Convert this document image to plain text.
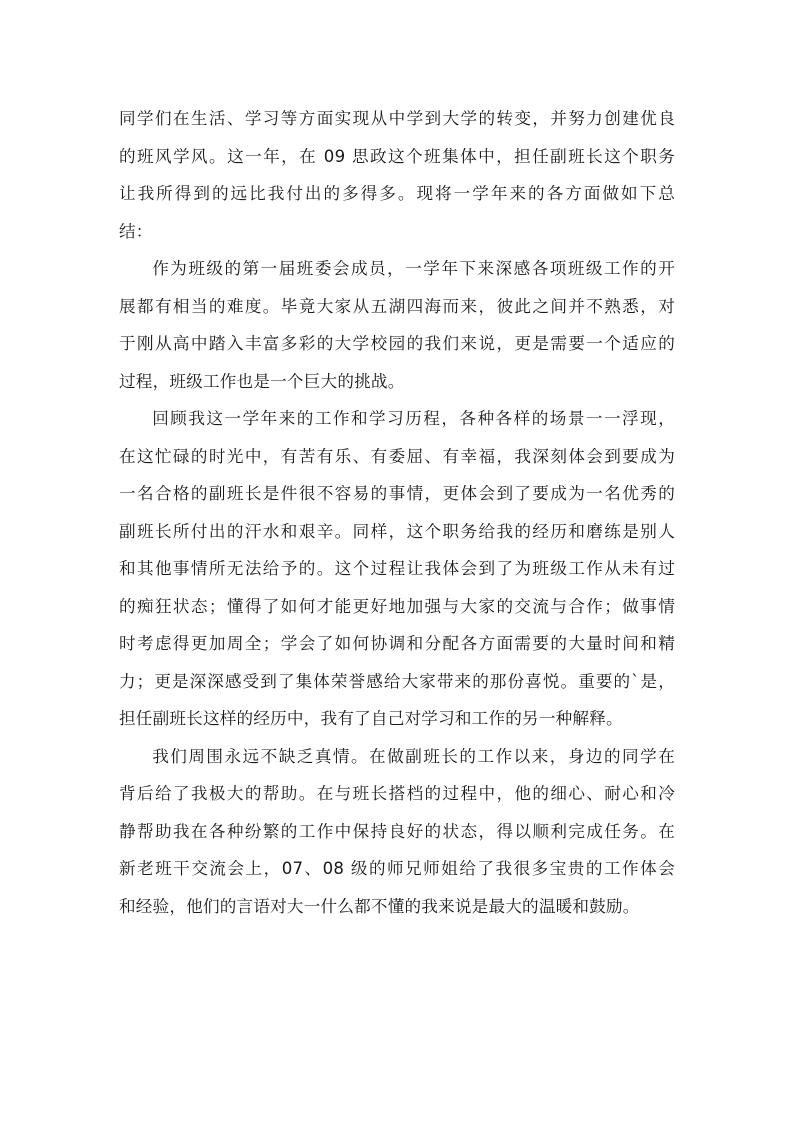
同学们在生活、学习等方面实现从中学到大学的转变，并努力创建优良
的班风学风。这一年，在 09 思政这个班集体中，担任副班长这个职务
让我所得到的远比我付出的多得多。现将一学年来的各方面做如下总
结：

作为班级的第一届班委会成员，一学年下来深感各项班级工作的开
展都有相当的难度。毕竟大家从五湖四海而来，彼此之间并不熟悉，对
于刚从高中踏入丰富多彩的大学校园的我们来说，更是需要一个适应的
过程，班级工作也是一个巨大的挑战。

回顾我这一学年来的工作和学习历程，各种各样的场景一一浮现，
在这忙碌的时光中，有苦有乐、有委屈、有幸福，我深刻体会到要成为
一名合格的副班长是件很不容易的事情，更体会到了要成为一名优秀的
副班长所付出的汗水和艰辛。同样，这个职务给我的经历和磨练是别人
和其他事情所无法给予的。这个过程让我体会到了为班级工作从未有过
的痴狂状态；懂得了如何才能更好地加强与大家的交流与合作；做事情
时考虑得更加周全；学会了如何协调和分配各方面需要的大量时间和精
力；更是深深感受到了集体荣誉感给大家带来的那份喜悦。重要的`是，
担任副班长这样的经历中，我有了自己对学习和工作的另一种解释。

我们周围永远不缺乏真情。在做副班长的工作以来，身边的同学在
背后给了我极大的帮助。在与班长搭档的过程中，他的细心、耐心和冷
静帮助我在各种纷繁的工作中保持良好的状态，得以顺利完成任务。在
新老班干交流会上，07、08 级的师兄师姐给了我很多宝贵的工作体会
和经验，他们的言语对大一什么都不懂的我来说是最大的温暖和鼓励。
